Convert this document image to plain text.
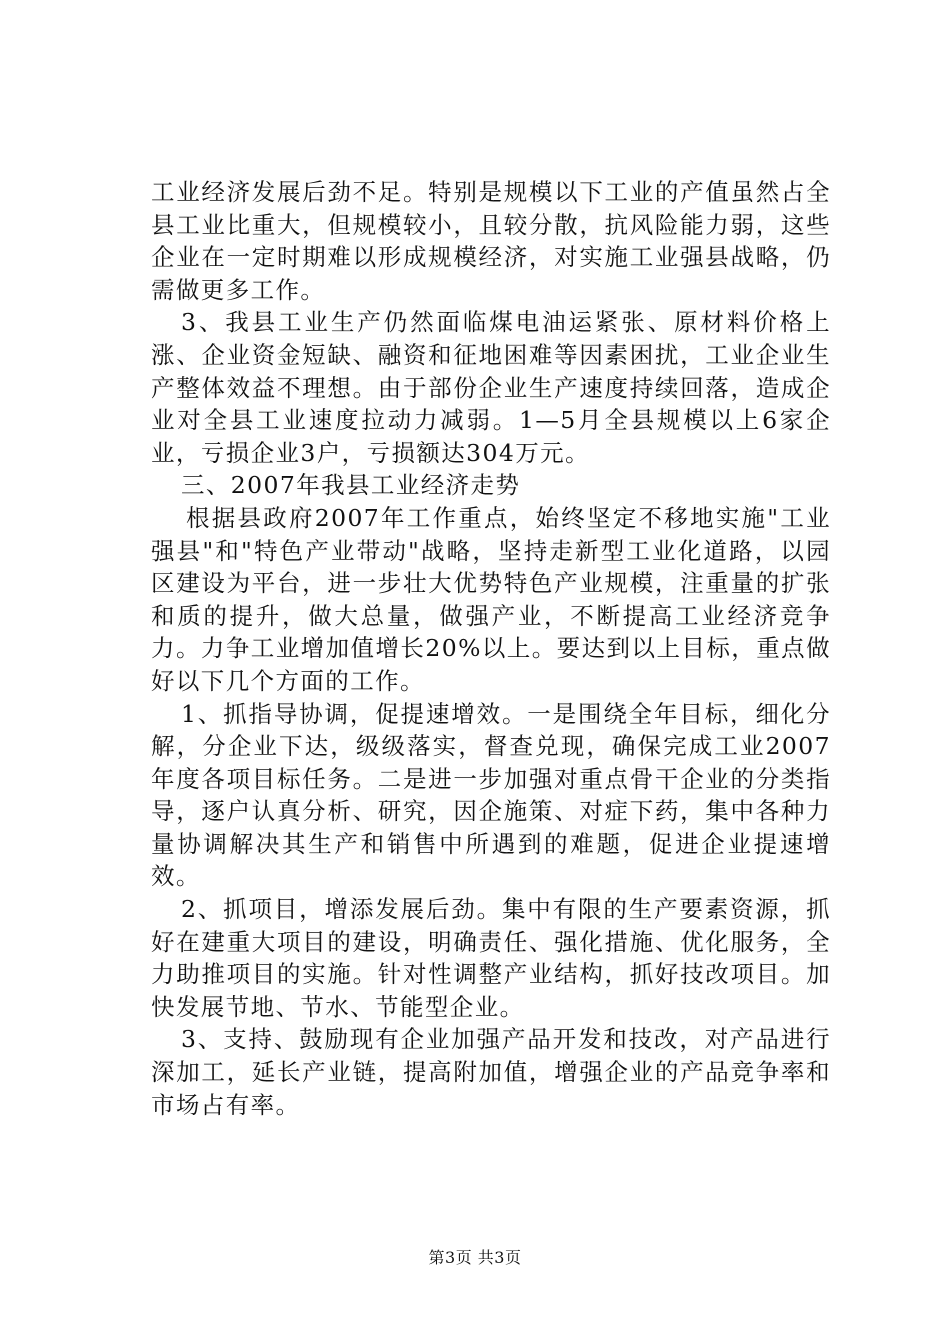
工业经济发展后劲不足。特别是规模以下工业的产值虽然占全县工业比重大，但规模较小，且较分散，抗风险能力弱，这些企业在一定时期难以形成规模经济，对实施工业强县战略，仍需做更多工作。

3、我县工业生产仍然面临煤电油运紧张、原材料价格上涨、企业资金短缺、融资和征地困难等因素困扰，工业企业生产整体效益不理想。由于部份企业生产速度持续回落，造成企业对全县工业速度拉动力减弱。1—5月全县规模以上6家企业，亏损企业3户，亏损额达304万元。

三、2007年我县工业经济走势

根据县政府2007年工作重点，始终坚定不移地实施"工业强县"和"特色产业带动"战略，坚持走新型工业化道路，以园区建设为平台，进一步壮大优势特色产业规模，注重量的扩张和质的提升，做大总量，做强产业，不断提高工业经济竞争力。力争工业增加值增长20%以上。要达到以上目标，重点做好以下几个方面的工作。

1、抓指导协调，促提速增效。一是围绕全年目标，细化分解，分企业下达，级级落实，督查兑现，确保完成工业2007年度各项目标任务。二是进一步加强对重点骨干企业的分类指导，逐户认真分析、研究，因企施策、对症下药，集中各种力量协调解决其生产和销售中所遇到的难题，促进企业提速增效。

2、抓项目，增添发展后劲。集中有限的生产要素资源，抓好在建重大项目的建设，明确责任、强化措施、优化服务，全力助推项目的实施。针对性调整产业结构，抓好技改项目。加快发展节地、节水、节能型企业。

3、支持、鼓励现有企业加强产品开发和技改，对产品进行深加工，延长产业链，提高附加值，增强企业的产品竞争率和市场占有率。

第3页 共3页
